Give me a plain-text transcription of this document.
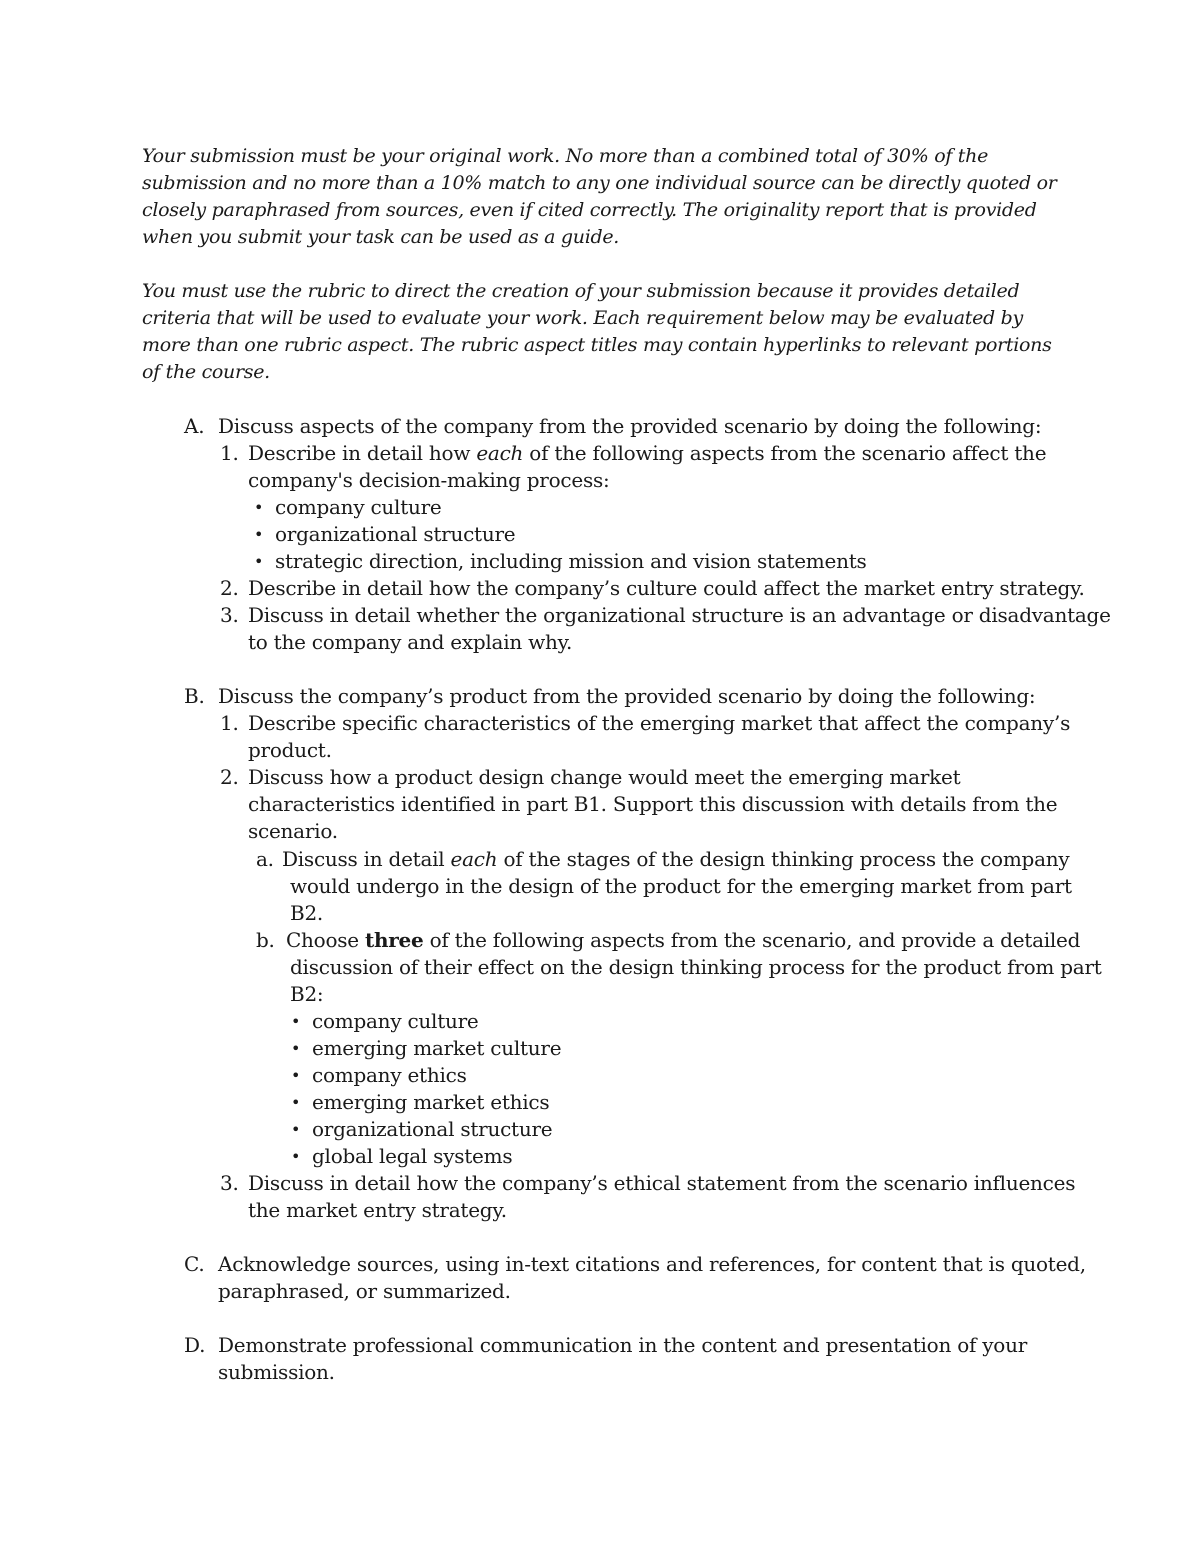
Your submission must be your original work. No more than a combined total of 30% of the submission and no more than a 10% match to any one individual source can be directly quoted or closely paraphrased from sources, even if cited correctly. The originality report that is provided when you submit your task can be used as a guide.

You must use the rubric to direct the creation of your submission because it provides detailed criteria that will be used to evaluate your work. Each requirement below may be evaluated by more than one rubric aspect. The rubric aspect titles may contain hyperlinks to relevant portions of the course.

A. Discuss aspects of the company from the provided scenario by doing the following:
1. Describe in detail how each of the following aspects from the scenario affect the
company's decision-making process:
• company culture
• organizational structure
• strategic direction, including mission and vision statements
2. Describe in detail how the company’s culture could affect the market entry strategy.
3. Discuss in detail whether the organizational structure is an advantage or disadvantage
to the company and explain why.
B. Discuss the company’s product from the provided scenario by doing the following:
1. Describe specific characteristics of the emerging market that affect the company’s
product.
2. Discuss how a product design change would meet the emerging market
characteristics identified in part B1. Support this discussion with details from the
scenario.
a. Discuss in detail each of the stages of the design thinking process the company
would undergo in the design of the product for the emerging market from part
B2.
b. Choose three of the following aspects from the scenario, and provide a detailed
discussion of their effect on the design thinking process for the product from part
B2:
• company culture
• emerging market culture
• company ethics
• emerging market ethics
• organizational structure
• global legal systems
3. Discuss in detail how the company’s ethical statement from the scenario influences
the market entry strategy.
C. Acknowledge sources, using in-text citations and references, for content that is quoted,
paraphrased, or summarized.
D. Demonstrate professional communication in the content and presentation of your
submission.
